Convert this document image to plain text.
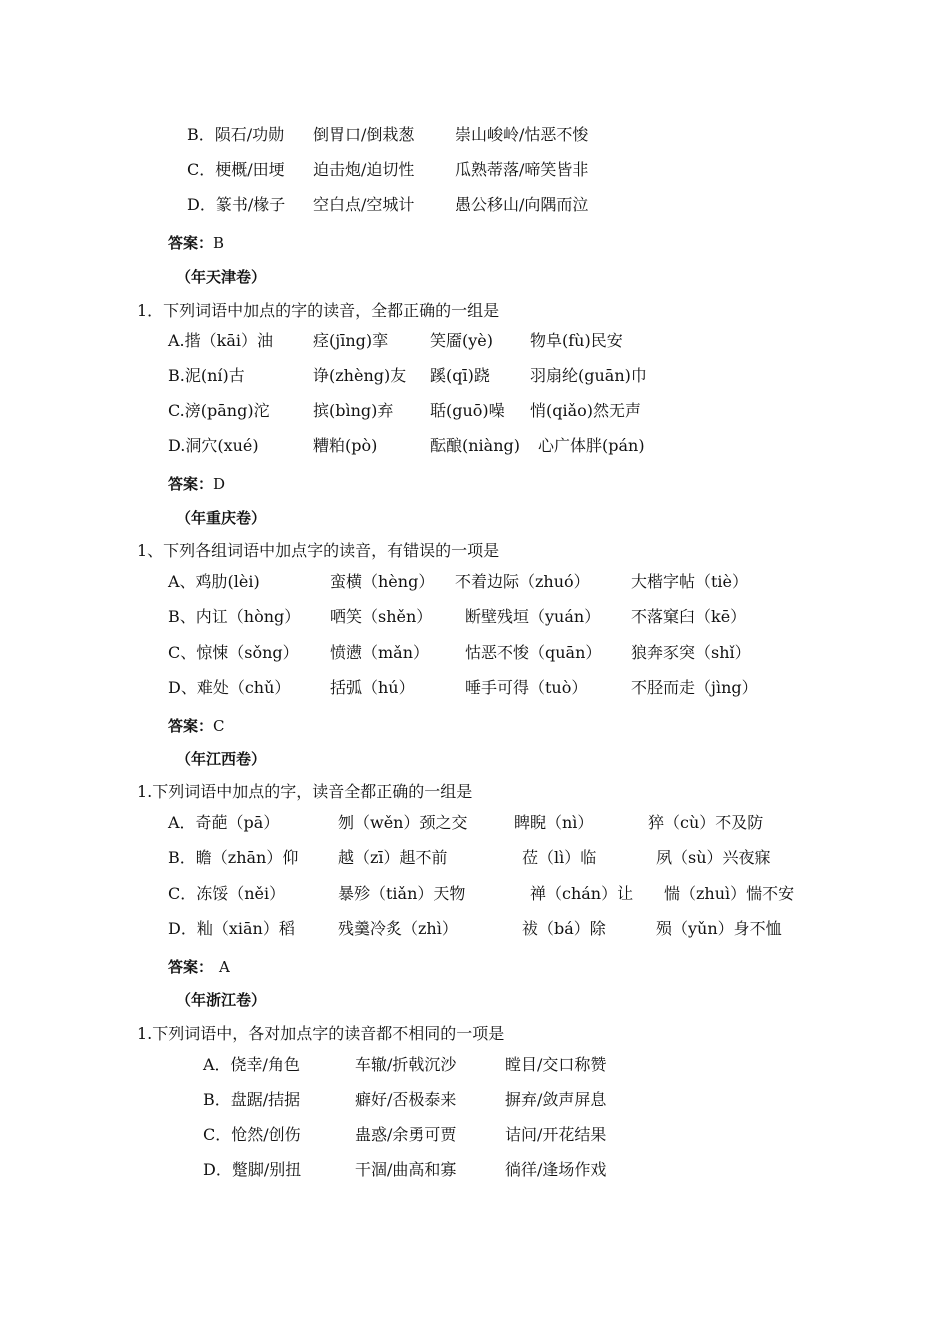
B．陨石/功勋 倒胃口/倒栽葱	崇山峻岭/怙恶不悛
C．梗概/田埂 迫击炮/迫切性	瓜熟蒂落/啼笑皆非
D．篆书/椽子 空白点/空城计	愚公移山/向隅而泣
答案：B
（年天津卷）
1．下列词语中加点的字的读音，全都正确的一组是
A.揩（kāi）油	痉(jīng)挛	笑靥(yè) 物阜(fù)民安
B.泥(ní)古	诤(zhèng)友 蹊(qī)跷	羽扇纶(guān)巾
C.滂(pāng)沱	摈(bìng)弃 聒(guō)噪 悄(qiǎo)然无声
D.洞穴(xué)	糟粕(pò)	酝酿(niàng) 心广体胖(pán)
答案：D
（年重庆卷）
1、下列各组词语中加点字的读音，有错误的一项是
A、鸡肋(lèi)	蛮横（hèng） 不着边际（zhuó）	大楷字帖（tiè）
B、内讧（hòng） 哂笑（shěn） 断壁残垣（yuán） 不落窠臼（kē）
C、惊悚（sǒng） 愤懑（mǎn） 怙恶不悛（quān） 狼奔豕突（shǐ）
D、难处（chǔ） 括弧（hú）	唾手可得（tuò）	不胫而走（jìng）
答案：C
（年江西卷）
1.下列词语中加点的字，读音全都正确的一组是
A．奇葩（pā）	刎（wěn）颈之交	睥睨（nì）	猝（cù）不及防
B．瞻（zhān）仰 越（zī）趄不前	莅（lì）临	夙（sù）兴夜寐
C．冻馁（něi）	暴殄（tiǎn）天物	禅（chán）让 惴（zhuì）惴不安
D．籼（xiān）稻	残羹冷炙（zhì）	祓（bá）除	殒（yǔn）身不恤
答案： A
（年浙江卷）
1.下列词语中，各对加点字的读音都不相同的一项是
A．侥幸/角色	车辙/折戟沉沙	瞠目/交口称赞
B．盘踞/拮据	癖好/否极泰来	摒弃/敛声屏息
C．怆然/创伤	蛊惑/余勇可贾	诘问/开花结果
D．蹩脚/别扭	干涸/曲高和寡	徜徉/逢场作戏
